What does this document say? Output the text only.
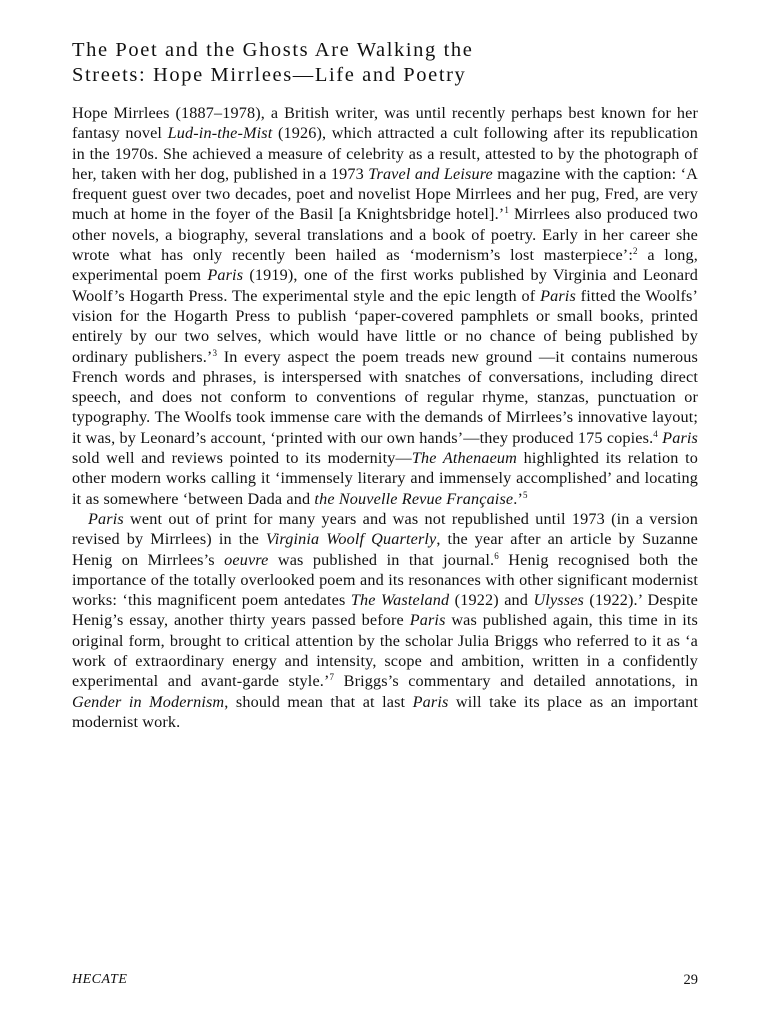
The Poet and the Ghosts Are Walking the
Streets: Hope Mirrlees—Life and Poetry

Hope Mirrlees (1887–1978), a British writer, was until recently perhaps best known for her fantasy novel Lud-in-the-Mist (1926), which attracted a cult following after its republication in the 1970s. She achieved a measure of celebrity as a result, attested to by the photograph of her, taken with her dog, published in a 1973 Travel and Leisure magazine with the caption: ‘A frequent guest over two decades, poet and novelist Hope Mirrlees and her pug, Fred, are very much at home in the foyer of the Basil [a Knightsbridge hotel].’$^1$ Mirrlees also produced two other novels, a biography, several translations and a book of poetry. Early in her career she wrote what has only recently been hailed as ‘modernism’s lost masterpiece’:$^2$ a long, experimental poem Paris (1919), one of the first works published by Virginia and Leonard Woolf’s Hogarth Press. The experimental style and the epic length of Paris fitted the Woolfs’ vision for the Hogarth Press to publish ‘paper-covered pamphlets or small books, printed entirely by our two selves, which would have little or no chance of being published by ordinary publishers.’$^3$ In every aspect the poem treads new ground —it contains numerous French words and phrases, is interspersed with snatches of conversations, including direct speech, and does not conform to conventions of regular rhyme, stanzas, punctuation or typography. The Woolfs took immense care with the demands of Mirrlees’s innovative layout; it was, by Leonard’s account, ‘printed with our own hands’—they produced 175 copies.$^4$ Paris sold well and reviews pointed to its modernity—The Athenaeum highlighted its relation to other modern works calling it ‘immensely literary and immensely accomplished’ and locating it as somewhere ‘between Dada and the Nouvelle Revue Française.’$^5$

Paris went out of print for many years and was not republished until 1973 (in a version revised by Mirrlees) in the Virginia Woolf Quarterly, the year after an article by Suzanne Henig on Mirrlees’s oeuvre was published in that journal.$^6$ Henig recognised both the importance of the totally overlooked poem and its resonances with other significant modernist works: ‘this magnificent poem antedates The Wasteland (1922) and Ulysses (1922).’ Despite Henig’s essay, another thirty years passed before Paris was published again, this time in its original form, brought to critical attention by the scholar Julia Briggs who referred to it as ‘a work of extraordinary energy and intensity, scope and ambition, written in a confidently experimental and avant-garde style.’$^7$ Briggs’s commentary and detailed annotations, in Gender in Modernism, should mean that at last Paris will take its place as an important modernist work.

HECATE	29
